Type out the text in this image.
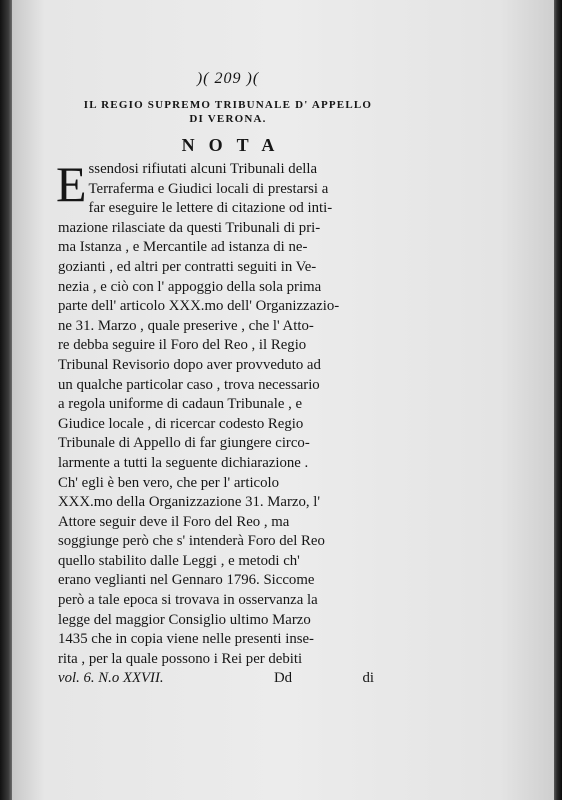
)( 209 )(
IL REGIO SUPREMO TRIBUNALE D' APPELLO
DI VERONA.
NOTA
E ssendosi rifiutati alcuni Tribunali della
Terraferma e Giudici locali di prestarsi a
far eseguire le lettere di citazione od inti-
mazione rilasciate da questi Tribunali di pri-
ma Istanza , e Mercantile ad istanza di ne-
gozianti , ed altri per contratti seguiti in Ve-
nezia , e ciò con l' appoggio della sola prima
parte dell' articolo XXX.mo dell' Organizzazio-
ne 31. Marzo , quale preserive , che l' Atto-
re debba seguire il Foro del Reo , il Regio
Tribunal Revisorio dopo aver provveduto ad
un qualche particolar caso , trova necessario
a regola uniforme di cadaun Tribunale , e
Giudice locale , di ricercar codesto Regio
Tribunale di Appello di far giungere circo-
larmente a tutti la seguente dichiarazione .
Ch' egli è ben vero, che per l' articolo
XXX.mo della Organizzazione 31. Marzo, l'
Attore seguir deve il Foro del Reo , ma
soggiunge però che s' intenderà Foro del Reo
quello stabilito dalle Leggi , e metodi ch'
erano veglianti nel Gennaro 1796. Siccome
però a tale epoca si trovava in osservanza la
legge del maggior Consiglio ultimo Marzo
1435 che in copia viene nelle presenti inse-
rita , per la quale possono i Rei per debiti
vol. 6. N.o XXVII.	Dd	di
